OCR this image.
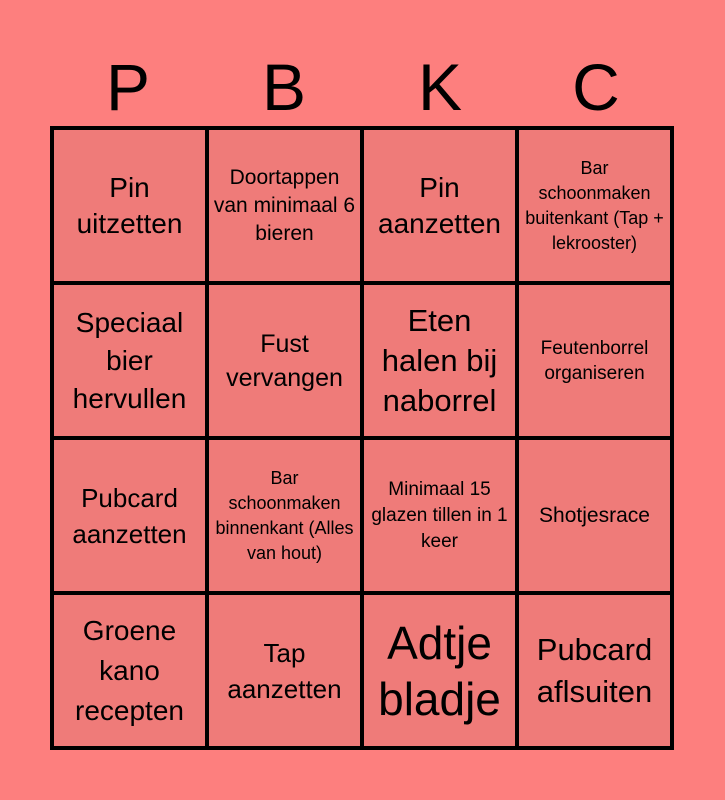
P	B	K	C
Pin uitzetten
Doortappen van minimaal 6 bieren
Pin aanzetten
Bar schoonmaken buitenkant (Tap + lekrooster)
Speciaal bier hervullen
Fust vervangen
Eten halen bij naborrel
Feutenborrel organiseren
Pubcard aanzetten
Bar schoonmaken binnenkant (Alles van hout)
Minimaal 15 glazen tillen in 1 keer
Shotjesrace
Groene kano recepten
Tap aanzetten
Adtje bladje
Pubcard aflsuiten
